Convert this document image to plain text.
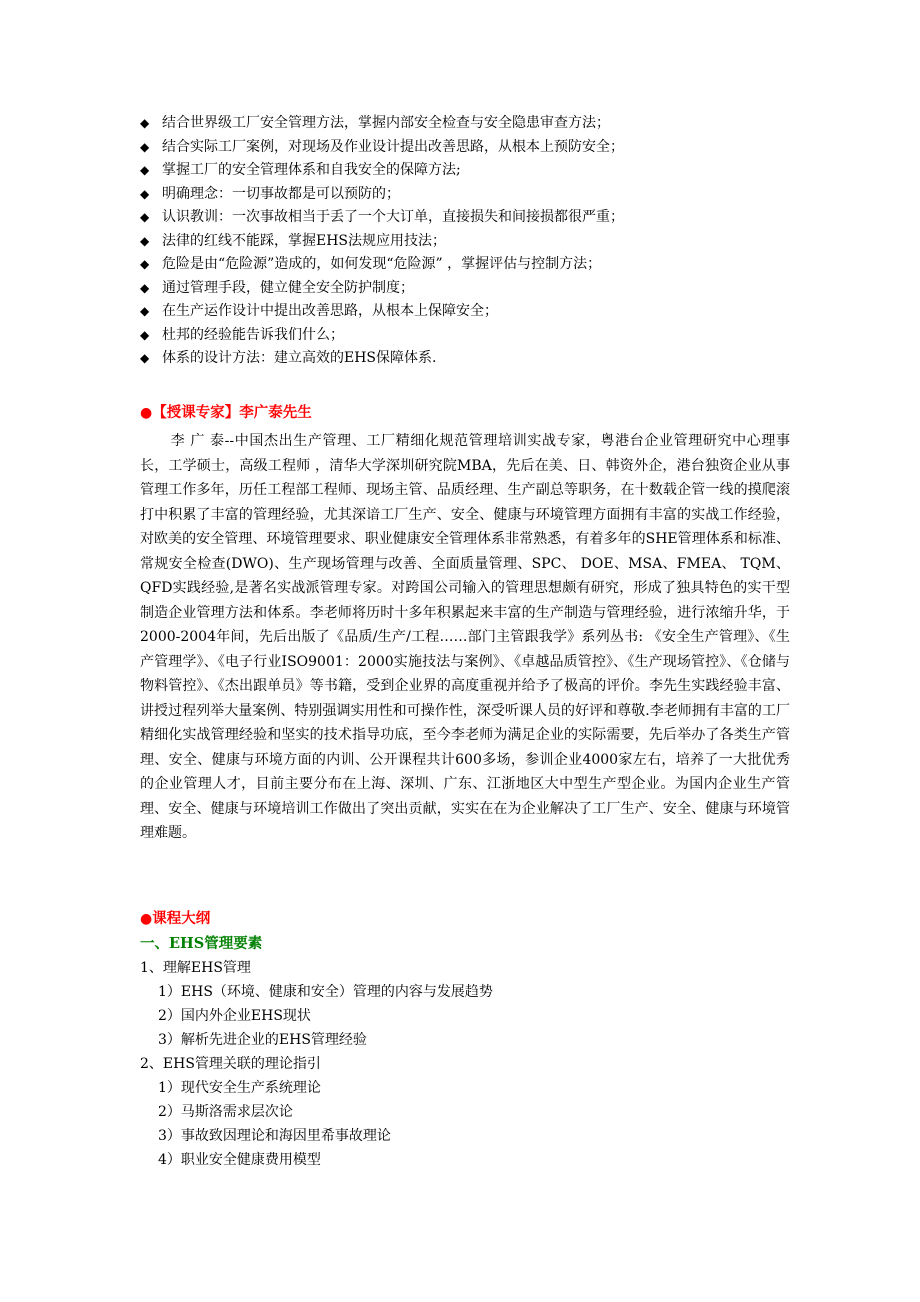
◆ 结合世界级工厂安全管理方法，掌握内部安全检查与安全隐患审查方法；
◆ 结合实际工厂案例，对现场及作业设计提出改善思路，从根本上预防安全；
◆ 掌握工厂的安全管理体系和自我安全的保障方法;
◆ 明确理念：一切事故都是可以预防的；
◆ 认识教训：一次事故相当于丢了一个大订单，直接损失和间接损都很严重；
◆ 法律的红线不能踩，掌握EHS法规应用技法；
◆ 危险是由“危险源”造成的，如何发现“危险源” ，掌握评估与控制方法；
◆ 通过管理手段，健立健全安全防护制度；
◆ 在生产运作设计中提出改善思路，从根本上保障安全；
◆ 杜邦的经验能告诉我们什么；
◆ 体系的设计方法：建立高效的EHS保障体系.
●【授课专家】李广泰先生
李 广 泰--中国杰出生产管理、工厂精细化规范管理培训实战专家，粤港台企业管理研究中心理事长，工学硕士，高级工程师 ，清华大学深圳研究院MBA，先后在美、日、韩资外企，港台独资企业从事管理工作多年，历任工程部工程师、现场主管、品质经理、生产副总等职务，在十数载企管一线的摸爬滚打中积累了丰富的管理经验，尤其深谙工厂生产、安全、健康与环境管理方面拥有丰富的实战工作经验，对欧美的安全管理、环境管理要求、职业健康安全管理体系非常熟悉，有着多年的SHE管理体系和标准、常规安全检查(DWO)、生产现场管理与改善、全面质量管理、SPC、 DOE、MSA、FMEA、 TQM、QFD实践经验,是著名实战派管理专家。对跨国公司输入的管理思想颇有研究，形成了独具特色的实干型制造企业管理方法和体系。李老师将历时十多年积累起来丰富的生产制造与管理经验，进行浓缩升华，于2000-2004年间，先后出版了《品质/生产/工程……部门主管跟我学》系列丛书: 《安全生产管理》、《生产管理学》、《电子行业ISO9001：2000实施技法与案例》、《卓越品质管控》、《生产现场管控》、《仓储与物料管控》、《杰出跟单员》等书籍，受到企业界的高度重视并给予了极高的评价。李先生实践经验丰富、讲授过程列举大量案例、特别强调实用性和可操作性，深受听课人员的好评和尊敬.李老师拥有丰富的工厂精细化实战管理经验和坚实的技术指导功底，至今李老师为满足企业的实际需要，先后举办了各类生产管理、安全、健康与环境方面的内训、公开课程共计600多场，参训企业4000家左右，培养了一大批优秀的企业管理人才，目前主要分布在上海、深圳、广东、江浙地区大中型生产型企业。为国内企业生产管理、安全、健康与环境培训工作做出了突出贡献，实实在在为企业解决了工厂生产、安全、健康与环境管理难题。
●课程大纲
一、EHS管理要素
1、理解EHS管理
1）EHS（环境、健康和安全）管理的内容与发展趋势
2）国内外企业EHS现状
3）解析先进企业的EHS管理经验
2、EHS管理关联的理论指引
1）现代安全生产系统理论
2）马斯洛需求层次论
3）事故致因理论和海因里希事故理论
4）职业安全健康费用模型
